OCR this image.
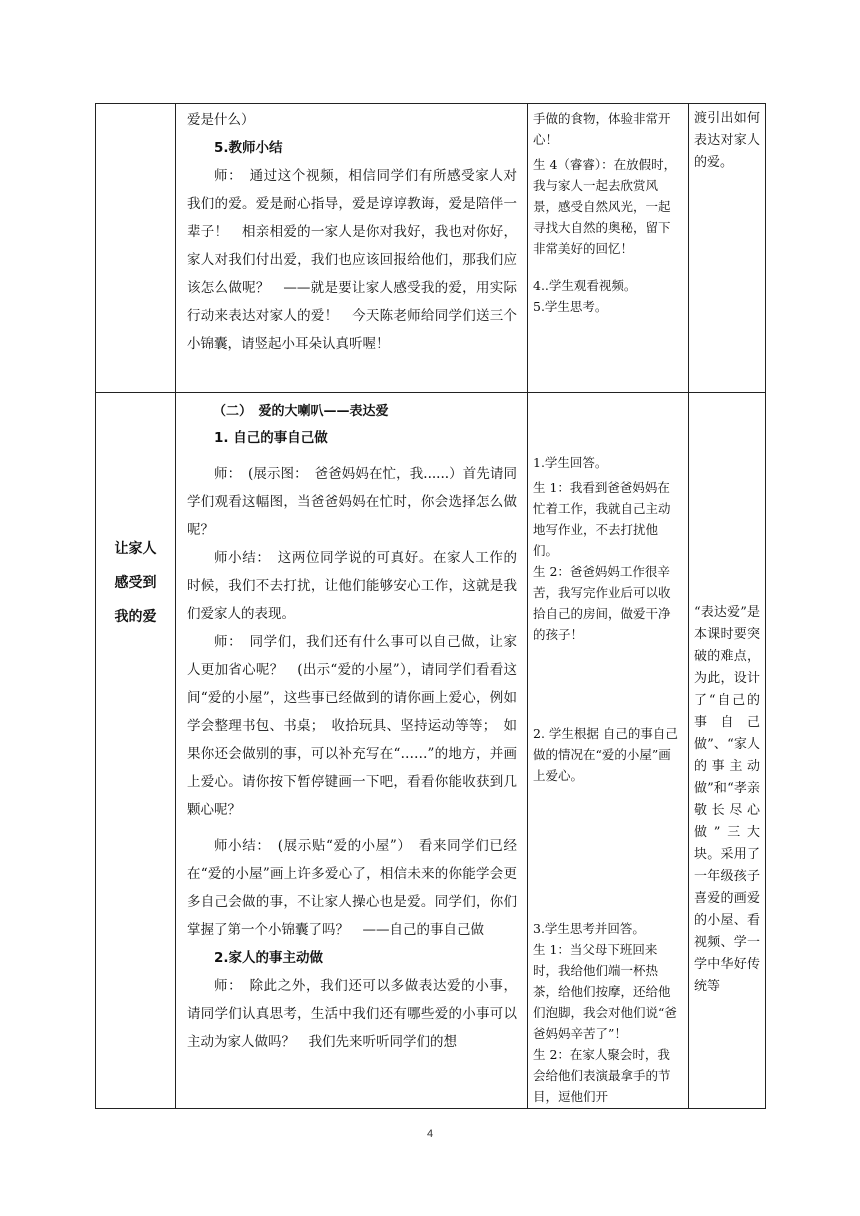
爱是什么）

5.教师小结

师：　通过这个视频，相信同学们有所感受家人对我们的爱。爱是耐心指导，爱是谆谆教诲，爱是陪伴一辈子！　相亲相爱的一家人是你对我好，我也对你好，家人对我们付出爱，我们也应该回报给他们，那我们应该怎么做呢？　——就是要让家人感受我的爱，用实际行动来表达对家人的爱！　今天陈老师给同学们送三个小锦囊，请竖起小耳朵认真听喔！

手做的食物，体验非常开心！

生 4（睿睿）：在放假时，我与家人一起去欣赏风景，感受自然风光，一起寻找大自然的奥秘，留下非常美好的回忆！

4..学生观看视频。

5.学生思考。

渡引出如何表达对家人的爱。

让家人
感受到
我的爱
（二）　爱的大喇叭——表达爱
1. 自己的事自己做

师：　(展示图：　爸爸妈妈在忙，我......）首先请同学们观看这幅图，当爸爸妈妈在忙时，你会选择怎么做呢？

师小结：　这两位同学说的可真好。在家人工作的时候，我们不去打扰，让他们能够安心工作，这就是我们爱家人的表现。

师：　同学们，我们还有什么事可以自己做，让家人更加省心呢？　(出示“爱的小屋”），请同学们看看这间“爱的小屋”，这些事已经做到的请你画上爱心，例如学会整理书包、书桌；　收拾玩具、坚持运动等等；　如果你还会做别的事，可以补充写在“……”的地方，并画上爱心。请你按下暂停键画一下吧，看看你能收获到几颗心呢？

师小结：　(展示贴“爱的小屋”）　看来同学们已经在“爱的小屋”画上许多爱心了，相信未来的你能学会更多自己会做的事，不让家人操心也是爱。同学们，你们掌握了第一个小锦囊了吗？　——自己的事自己做

2.家人的事主动做

师：　除此之外，我们还可以多做表达爱的小事，请同学们认真思考，生活中我们还有哪些爱的小事可以主动为家人做吗？　我们先来听听同学们的想

1.学生回答。

生 1：我看到爸爸妈妈在忙着工作，我就自己主动地写作业，不去打扰他们。

生 2：爸爸妈妈工作很辛苦，我写完作业后可以收拾自己的房间，做爱干净的孩子！

2. 学生根据 自己的事自己做的情况在“爱的小屋”画上爱心。

3.学生思考并回答。

生 1：当父母下班回来时，我给他们端一杯热茶，给他们按摩，还给他们泡脚，我会对他们说“爸爸妈妈辛苦了”！

生 2：在家人聚会时，我会给他们表演最拿手的节目，逗他们开

“表达爱”是本课时要突破的难点，为此，设计了“自己的事自己做”、“家人的事主动做”和“孝亲敬长尽心做”三大块。采用了一年级孩子喜爱的画爱的小屋、看视频、学一学中华好传统等

4
